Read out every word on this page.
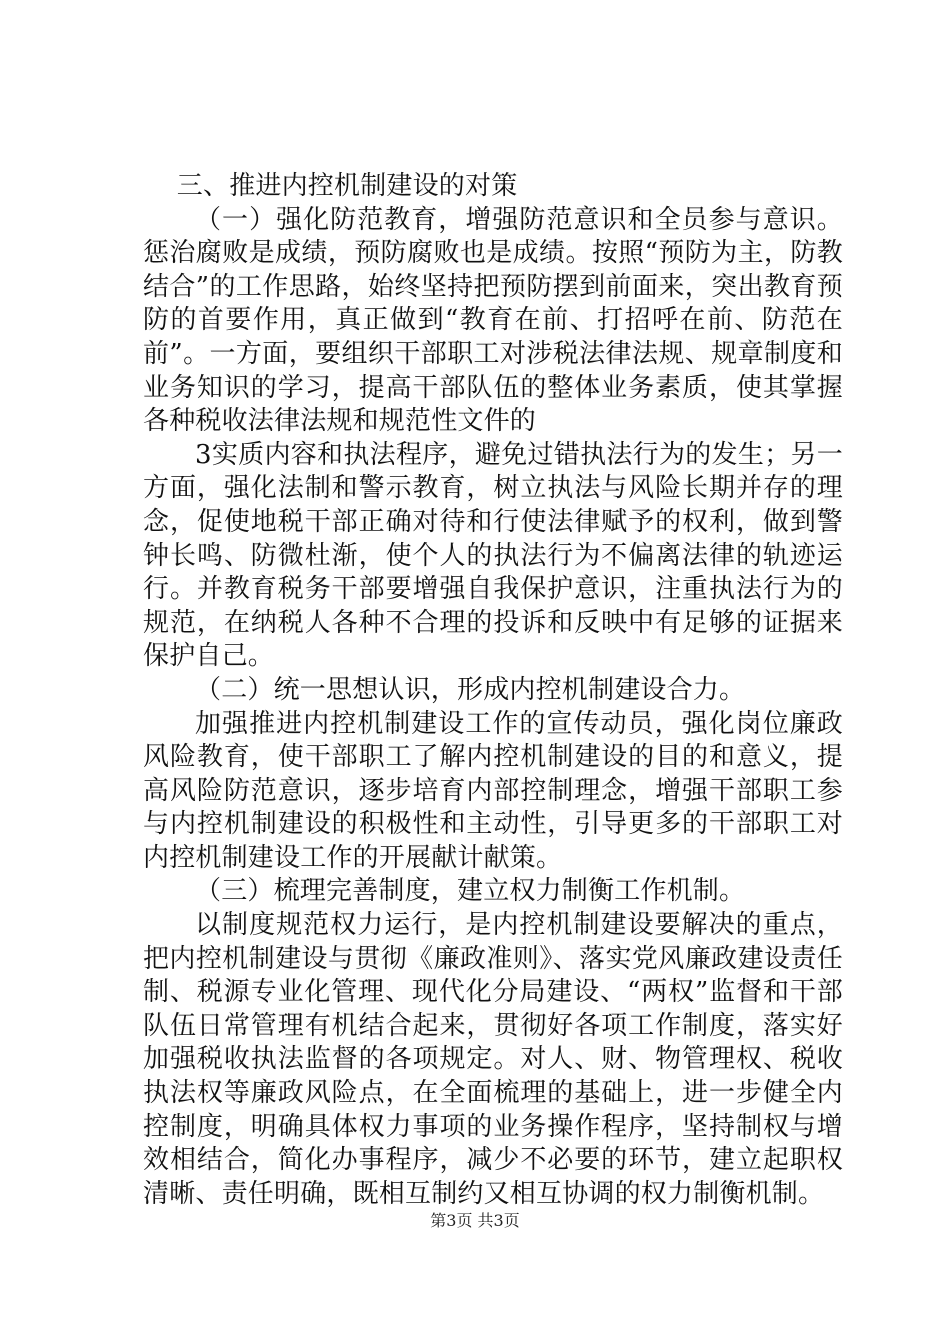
三、推进内控机制建设的对策

（一）强化防范教育，增强防范意识和全员参与意识。惩治腐败是成绩，预防腐败也是成绩。按照“预防为主，防教结合”的工作思路，始终坚持把预防摆到前面来，突出教育预防的首要作用，真正做到“教育在前、打招呼在前、防范在前”。一方面，要组织干部职工对涉税法律法规、规章制度和业务知识的学习，提高干部队伍的整体业务素质，使其掌握各种税收法律法规和规范性文件的

3实质内容和执法程序，避免过错执法行为的发生；另一方面，强化法制和警示教育，树立执法与风险长期并存的理念，促使地税干部正确对待和行使法律赋予的权利，做到警钟长鸣、防微杜渐，使个人的执法行为不偏离法律的轨迹运行。并教育税务干部要增强自我保护意识，注重执法行为的规范，在纳税人各种不合理的投诉和反映中有足够的证据来保护自己。

（二）统一思想认识，形成内控机制建设合力。

加强推进内控机制建设工作的宣传动员，强化岗位廉政风险教育，使干部职工了解内控机制建设的目的和意义，提高风险防范意识，逐步培育内部控制理念，增强干部职工参与内控机制建设的积极性和主动性，引导更多的干部职工对内控机制建设工作的开展献计献策。

（三）梳理完善制度，建立权力制衡工作机制。

以制度规范权力运行，是内控机制建设要解决的重点，把内控机制建设与贯彻《廉政准则》、落实党风廉政建设责任制、税源专业化管理、现代化分局建设、“两权”监督和干部队伍日常管理有机结合起来，贯彻好各项工作制度，落实好加强税收执法监督的各项规定。对人、财、物管理权、税收执法权等廉政风险点，在全面梳理的基础上，进一步健全内控制度，明确具体权力事项的业务操作程序，坚持制权与增效相结合，简化办事程序，减少不必要的环节，建立起职权清晰、责任明确，既相互制约又相互协调的权力制衡机制。

第3页 共3页
